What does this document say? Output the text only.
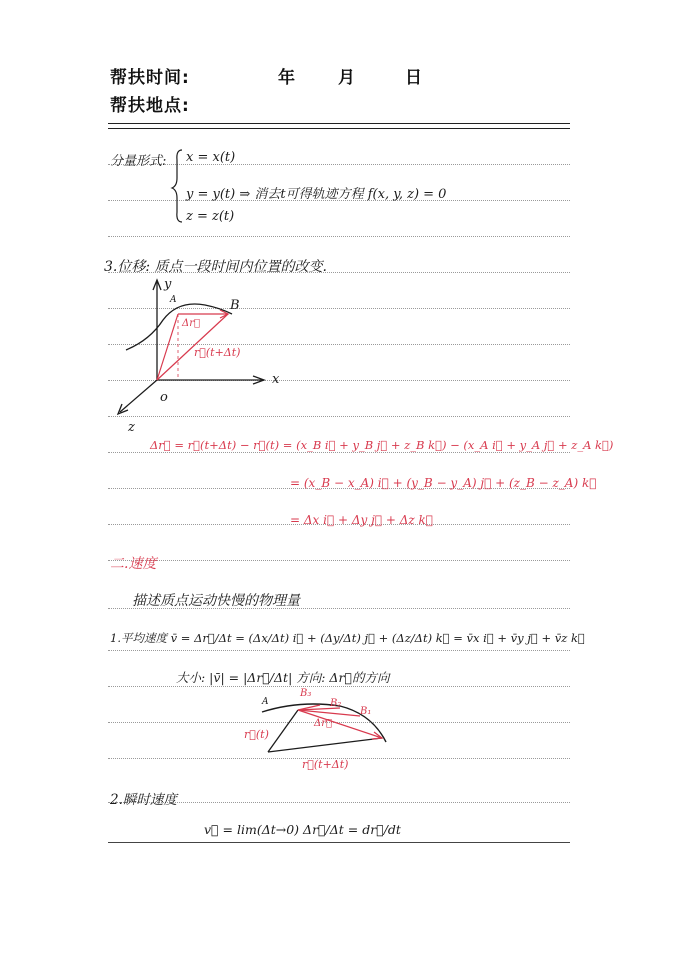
帮扶时间:	年 月	日
帮扶地点:
分量形式: x = x(t)
y = y(t) ⇒ 消去t可得轨迹方程 f(x, y, z) = 0
z = z(t)
3.位移: 质点一段时间内位置的改变.
y
x
z
o
A	B
Δr⃗
r⃗(t+Δt)
Δr⃗ = r⃗(t+Δt) − r⃗(t) = (x_B i⃗ + y_B j⃗ + z_B k⃗) − (x_A i⃗ + y_A j⃗ + z_A k⃗)
= (x_B − x_A) i⃗ + (y_B − y_A) j⃗ + (z_B − z_A) k⃗
= Δx i⃗ + Δy j⃗ + Δz k⃗
二.速度
描述质点运动快慢的物理量
1.平均速度 v̄ = Δr⃗/Δt = (Δx/Δt) i⃗ + (Δy/Δt) j⃗ + (Δz/Δt) k⃗ = v̄x i⃗ + v̄y j⃗ + v̄z k⃗
大小: |v̄| = |Δr⃗/Δt| 方向: Δr⃗的方向
A
B₃
B₂
B₁
r⃗(t)
Δr⃗
r⃗(t+Δt)
2.瞬时速度
v⃗ = lim(Δt→0) Δr⃗/Δt = dr⃗/dt
